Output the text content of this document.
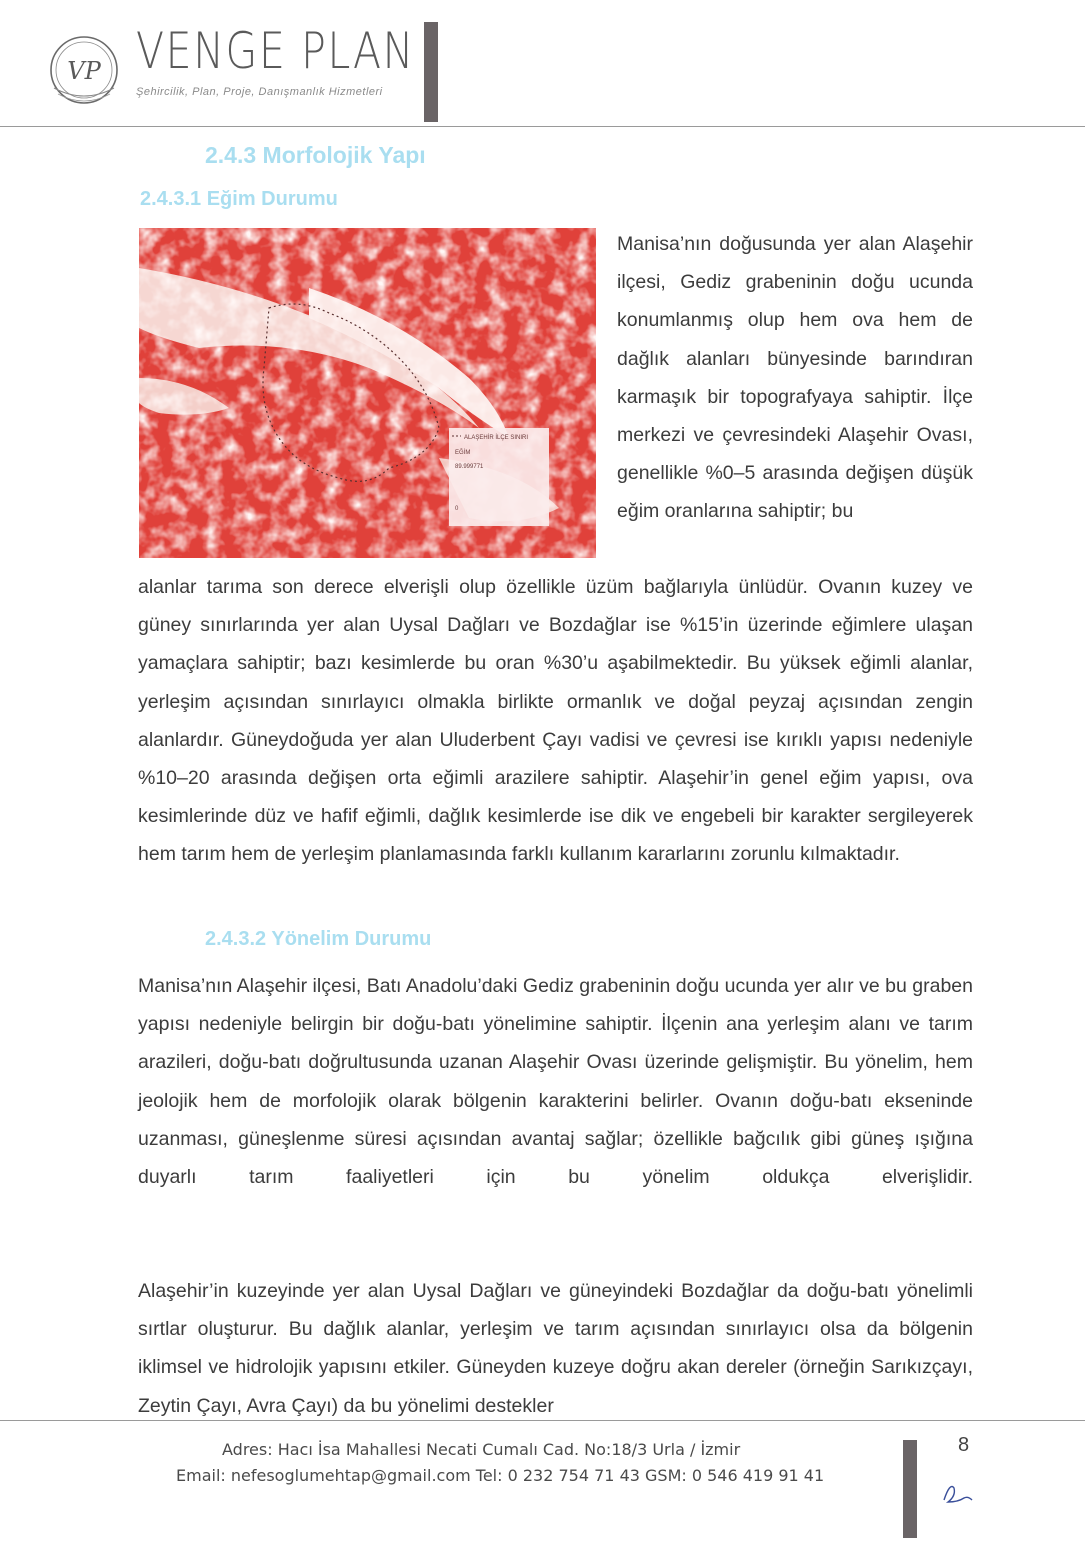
VP VENGE PLAN
Şehircilik, Plan, Proje, Danışmanlık Hizmetleri
2.4.3 Morfolojik Yapı
2.4.3.1 Eğim Durumu
ALAŞEHİR İLÇE SINIRI
EĞİM
89.999771
0

Manisa’nın doğusunda yer alan Alaşehir ilçesi, Gediz grabeninin doğu ucunda konumlanmış olup hem ova hem de dağlık alanları bünyesinde barındıran karmaşık bir topografyaya sahiptir. İlçe merkezi ve çevresindeki Alaşehir Ovası, genellikle %0–5 arasında değişen düşük eğim oranlarına sahiptir; bu

alanlar tarıma son derece elverişli olup özellikle üzüm bağlarıyla ünlüdür. Ovanın kuzey ve güney sınırlarında yer alan Uysal Dağları ve Bozdağlar ise %15’in üzerinde eğimlere ulaşan yamaçlara sahiptir; bazı kesimlerde bu oran %30’u aşabilmektedir. Bu yüksek eğimli alanlar, yerleşim açısından sınırlayıcı olmakla birlikte ormanlık ve doğal peyzaj açısından zengin alanlardır. Güneydoğuda yer alan Uluderbent Çayı vadisi ve çevresi ise kırıklı yapısı nedeniyle %10–20 arasında değişen orta eğimli arazilere sahiptir. Alaşehir’in genel eğim yapısı, ova kesimlerinde düz ve hafif eğimli, dağlık kesimlerde ise dik ve engebeli bir karakter sergileyerek hem tarım hem de yerleşim planlamasında farklı kullanım kararlarını zorunlu kılmaktadır.

2.4.3.2 Yönelim Durumu

Manisa’nın Alaşehir ilçesi, Batı Anadolu’daki Gediz grabeninin doğu ucunda yer alır ve bu graben yapısı nedeniyle belirgin bir doğu-batı yönelimine sahiptir. İlçenin ana yerleşim alanı ve tarım arazileri, doğu-batı doğrultusunda uzanan Alaşehir Ovası üzerinde gelişmiştir. Bu yönelim, hem jeolojik hem de morfolojik olarak bölgenin karakterini belirler. Ovanın doğu-batı ekseninde uzanması, güneşlenme süresi açısından avantaj sağlar; özellikle bağcılık gibi güneş ışığına duyarlı tarım faaliyetleri için bu yönelim oldukça elverişlidir.

Alaşehir’in kuzeyinde yer alan Uysal Dağları ve güneyindeki Bozdağlar da doğu-batı yönelimli sırtlar oluşturur. Bu dağlık alanlar, yerleşim ve tarım açısından sınırlayıcı olsa da bölgenin iklimsel ve hidrolojik yapısını etkiler. Güneyden kuzeye doğru akan dereler (örneğin Sarıkızçayı, Zeytin Çayı, Avra Çayı) da bu yönelimi destekler

Adres: Hacı İsa Mahallesi Necati Cumalı Cad. No:18/3 Urla / İzmir
Email: nefesoglumehtap@gmail.com Tel: 0 232 754 71 43 GSM: 0 546 419 91 41
8
